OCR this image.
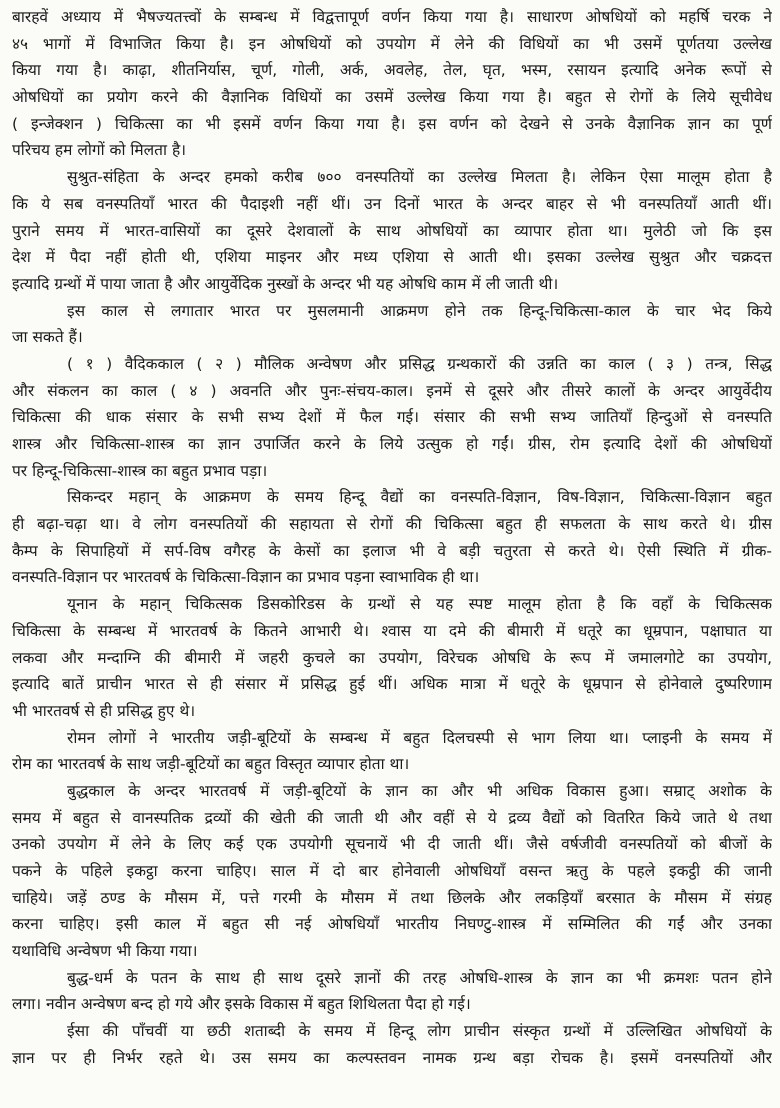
बारहवें अध्याय में भैषज्यतत्त्वों के सम्बन्ध में विद्वत्तापूर्ण वर्णन किया गया है। साधारण ओषधियों को महर्षि चरक ने
४५ भागों में विभाजित किया है। इन ओषधियों को उपयोग में लेने की विधियों का भी उसमें पूर्णतया उल्लेख
किया गया है। काढ़ा, शीतनिर्यास, चूर्ण, गोली, अर्क, अवलेह, तेल, घृत, भस्म, रसायन इत्यादि अनेक रूपों से
ओषधियों का प्रयोग करने की वैज्ञानिक विधियों का उसमें उल्लेख किया गया है। बहुत से रोगों के लिये सूचीवेध
( इन्जेक्शन ) चिकित्सा का भी इसमें वर्णन किया गया है। इस वर्णन को देखने से उनके वैज्ञानिक ज्ञान का पूर्ण
परिचय हम लोगों को मिलता है।
सुश्रुत-संहिता के अन्दर हमको करीब ७०० वनस्पतियों का उल्लेख मिलता है। लेकिन ऐसा मालूम होता है
कि ये सब वनस्पतियाँ भारत की पैदाइशी नहीं थीं। उन दिनों भारत के अन्दर बाहर से भी वनस्पतियाँ आती थीं।
पुराने समय में भारत-वासियों का दूसरे देशवालों के साथ ओषधियों का व्यापार होता था। मुलेठी जो कि इस
देश में पैदा नहीं होती थी, एशिया माइनर और मध्य एशिया से आती थी। इसका उल्लेख सुश्रुत और चक्रदत्त
इत्यादि ग्रन्थों में पाया जाता है और आयुर्वेदिक नुस्खों के अन्दर भी यह ओषधि काम में ली जाती थी।
इस काल से लगातार भारत पर मुसलमानी आक्रमण होने तक हिन्दू-चिकित्सा-काल के चार भेद किये
जा सकते हैं।
( १ ) वैदिककाल ( २ ) मौलिक अन्वेषण और प्रसिद्ध ग्रन्थकारों की उन्नति का काल ( ३ ) तन्त्र, सिद्ध
और संकलन का काल ( ४ ) अवनति और पुनः-संचय-काल। इनमें से दूसरे और तीसरे कालों के अन्दर आयुर्वेदीय
चिकित्सा की धाक संसार के सभी सभ्य देशों में फैल गई। संसार की सभी सभ्य जातियाँ हिन्दुओं से वनस्पति
शास्त्र और चिकित्सा-शास्त्र का ज्ञान उपार्जित करने के लिये उत्सुक हो गईं। ग्रीस, रोम इत्यादि देशों की ओषधियों
पर हिन्दू-चिकित्सा-शास्त्र का बहुत प्रभाव पड़ा।
सिकन्दर महान् के आक्रमण के समय हिन्दू वैद्यों का वनस्पति-विज्ञान, विष-विज्ञान, चिकित्सा-विज्ञान बहुत
ही बढ़ा-चढ़ा था। वे लोग वनस्पतियों की सहायता से रोगों की चिकित्सा बहुत ही सफलता के साथ करते थे। ग्रीस
कैम्प के सिपाहियों में सर्प-विष वगैरह के केसों का इलाज भी वे बड़ी चतुरता से करते थे। ऐसी स्थिति में ग्रीक-
वनस्पति-विज्ञान पर भारतवर्ष के चिकित्सा-विज्ञान का प्रभाव पड़ना स्वाभाविक ही था।
यूनान के महान् चिकित्सक डिसकोरिडस के ग्रन्थों से यह स्पष्ट मालूम होता है कि वहाँ के चिकित्सक
चिकित्सा के सम्बन्ध में भारतवर्ष के कितने आभारी थे। श्वास या दमे की बीमारी में धतूरे का धूम्रपान, पक्षाघात या
लकवा और मन्दाग्नि की बीमारी में जहरी कुचले का उपयोग, विरेचक ओषधि के रूप में जमालगोटे का उपयोग,
इत्यादि बातें प्राचीन भारत से ही संसार में प्रसिद्ध हुई थीं। अधिक मात्रा में धतूरे के धूम्रपान से होनेवाले दुष्परिणाम
भी भारतवर्ष से ही प्रसिद्ध हुए थे।
रोमन लोगों ने भारतीय जड़ी-बूटियों के सम्बन्ध में बहुत दिलचस्पी से भाग लिया था। प्लाइनी के समय में
रोम का भारतवर्ष के साथ जड़ी-बूटियों का बहुत विस्तृत व्यापार होता था।
बुद्धकाल के अन्दर भारतवर्ष में जड़ी-बूटियों के ज्ञान का और भी अधिक विकास हुआ। सम्राट् अशोक के
समय में बहुत से वानस्पतिक द्रव्यों की खेती की जाती थी और वहीं से ये द्रव्य वैद्यों को वितरित किये जाते थे तथा
उनको उपयोग में लेने के लिए कई एक उपयोगी सूचनायें भी दी जाती थीं। जैसे वर्षजीवी वनस्पतियों को बीजों के
पकने के पहिले इकट्ठा करना चाहिए। साल में दो बार होनेवाली ओषधियाँ वसन्त ऋतु के पहले इकट्ठी की जानी
चाहिये। जड़ें ठण्ड के मौसम में, पत्ते गरमी के मौसम में तथा छिलके और लकड़ियाँ बरसात के मौसम में संग्रह
करना चाहिए। इसी काल में बहुत सी नई ओषधियाँ भारतीय निघण्टु-शास्त्र में सम्मिलित की गईं और उनका
यथाविधि अन्वेषण भी किया गया।
बुद्ध-धर्म के पतन के साथ ही साथ दूसरे ज्ञानों की तरह ओषधि-शास्त्र के ज्ञान का भी क्रमशः पतन होने
लगा। नवीन अन्वेषण बन्द हो गये और इसके विकास में बहुत शिथिलता पैदा हो गई।
ईसा की पाँचवीं या छठी शताब्दी के समय में हिन्दू लोग प्राचीन संस्कृत ग्रन्थों में उल्लिखित ओषधियों के
ज्ञान पर ही निर्भर रहते थे। उस समय का कल्पस्तवन नामक ग्रन्थ बड़ा रोचक है। इसमें वनस्पतियों और
